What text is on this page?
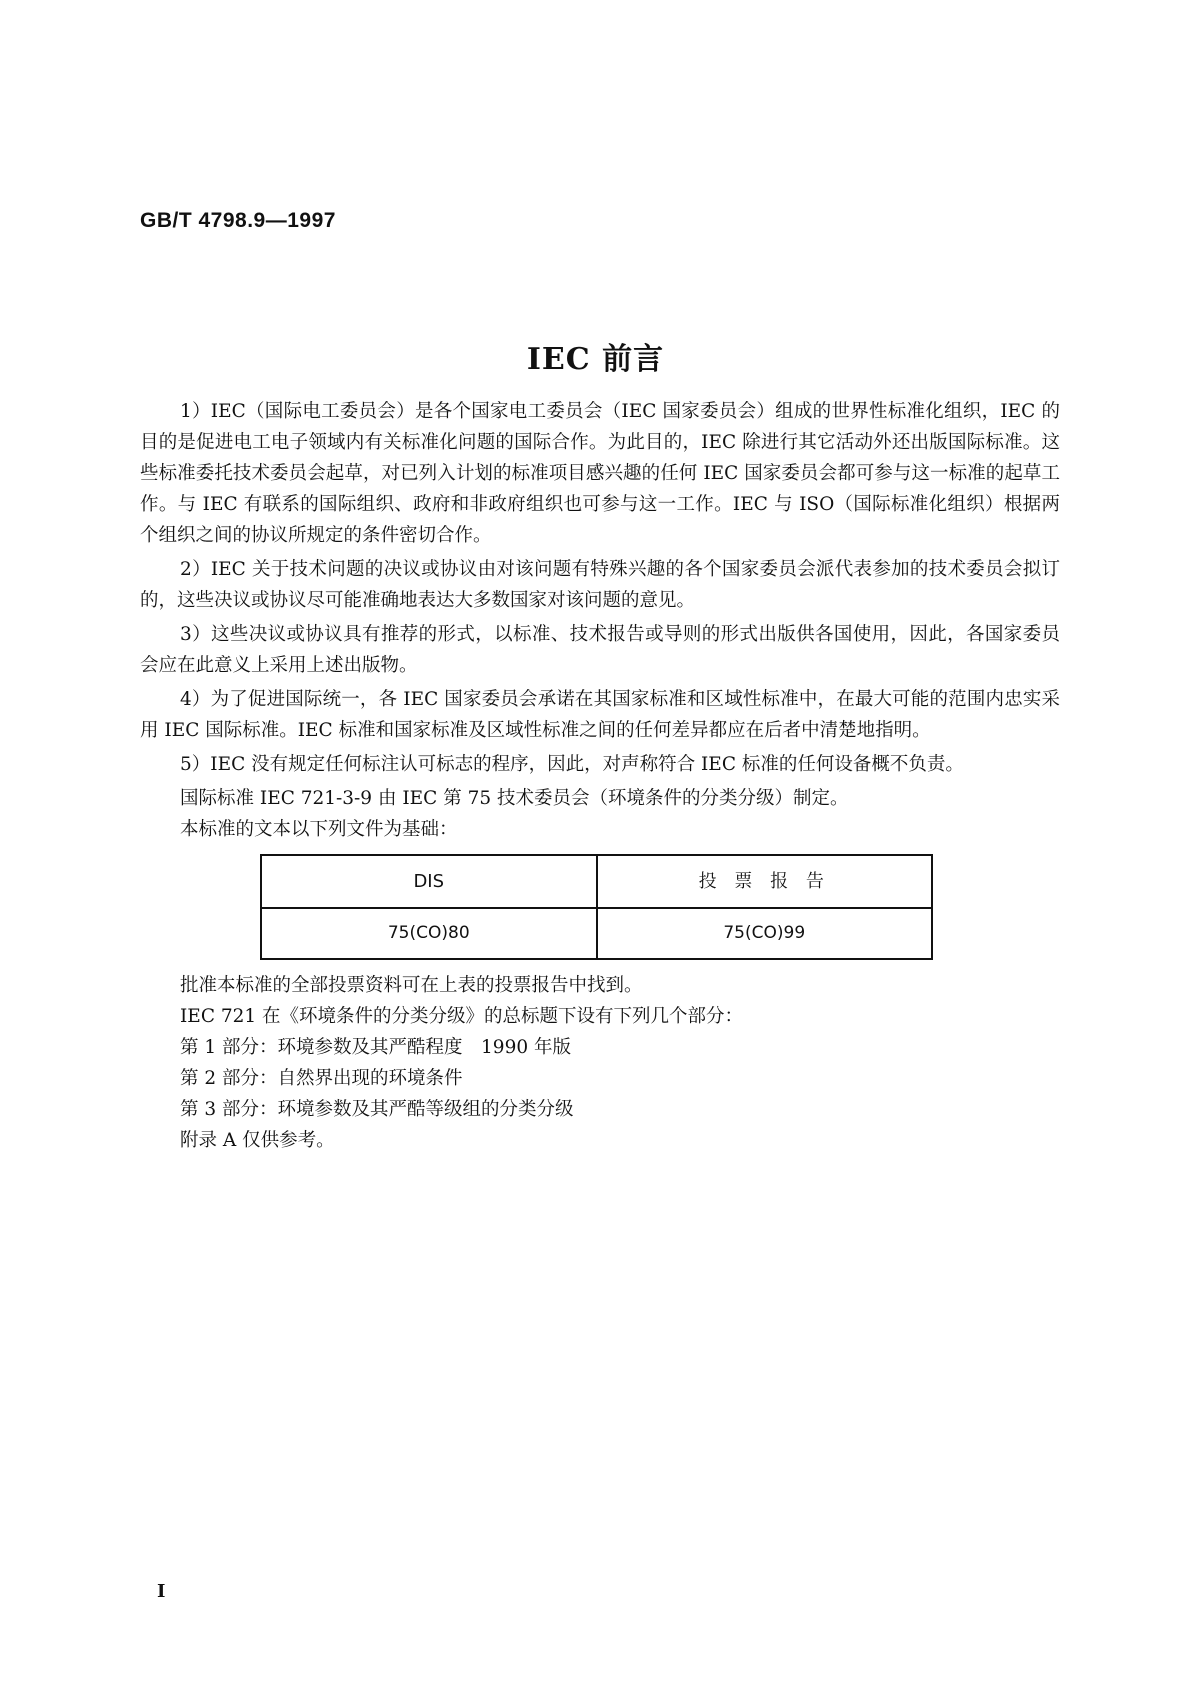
GB/T 4798.9—1997
IEC 前言

1）IEC（国际电工委员会）是各个国家电工委员会（IEC 国家委员会）组成的世界性标准化组织，IEC 的目的是促进电工电子领域内有关标准化问题的国际合作。为此目的，IEC 除进行其它活动外还出版国际标准。这些标准委托技术委员会起草，对已列入计划的标准项目感兴趣的任何 IEC 国家委员会都可参与这一标准的起草工作。与 IEC 有联系的国际组织、政府和非政府组织也可参与这一工作。IEC 与 ISO（国际标准化组织）根据两个组织之间的协议所规定的条件密切合作。

2）IEC 关于技术问题的决议或协议由对该问题有特殊兴趣的各个国家委员会派代表参加的技术委员会拟订的，这些决议或协议尽可能准确地表达大多数国家对该问题的意见。

3）这些决议或协议具有推荐的形式，以标准、技术报告或导则的形式出版供各国使用，因此，各国家委员会应在此意义上采用上述出版物。

4）为了促进国际统一，各 IEC 国家委员会承诺在其国家标准和区域性标准中，在最大可能的范围内忠实采用 IEC 国际标准。IEC 标准和国家标准及区域性标准之间的任何差异都应在后者中清楚地指明。

5）IEC 没有规定任何标注认可标志的程序，因此，对声称符合 IEC 标准的任何设备概不负责。

国际标准 IEC 721-3-9 由 IEC 第 75 技术委员会（环境条件的分类分级）制定。

本标准的文本以下列文件为基础：

DIS	投 票 报 告
75(CO)80	75(CO)99

批准本标准的全部投票资料可在上表的投票报告中找到。

IEC 721 在《环境条件的分类分级》的总标题下设有下列几个部分：

第 1 部分：环境参数及其严酷程度　1990 年版

第 2 部分：自然界出现的环境条件

第 3 部分：环境参数及其严酷等级组的分类分级

附录 A 仅供参考。

I
